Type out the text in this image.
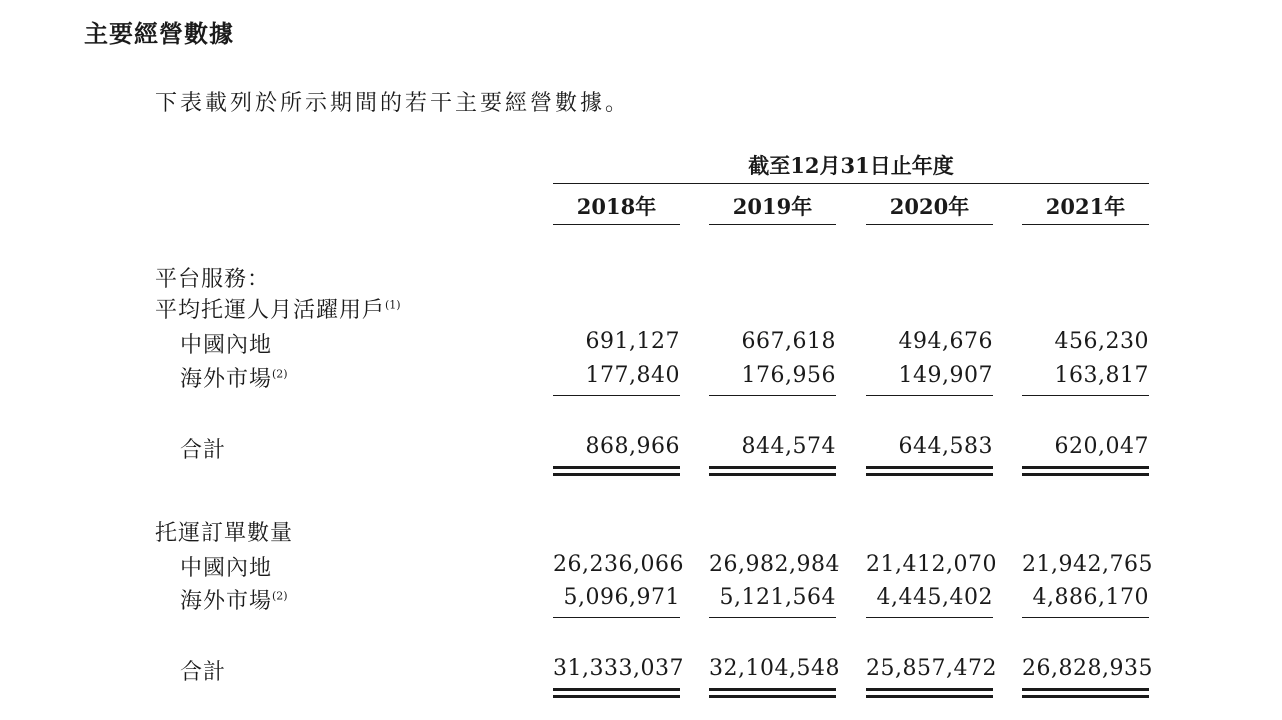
主要經營數據
下表載列於所示期間的若干主要經營數據。
截至12月31日止年度
2018年	2019年	2020年	2021年
平台服務：
平均托運人月活躍用戶$^{(1)}$
中國內地	691,127	667,618	494,676	456,230
海外市場$^{(2)}$	177,840	176,956	149,907	163,817
合計	868,966	844,574	644,583	620,047
托運訂單數量
中國內地	26,236,066 26,982,984 21,412,070 21,942,765
海外市場$^{(2)}$	5,096,971	5,121,564	4,445,402	4,886,170
合計	31,333,037 32,104,548 25,857,472 26,828,935
